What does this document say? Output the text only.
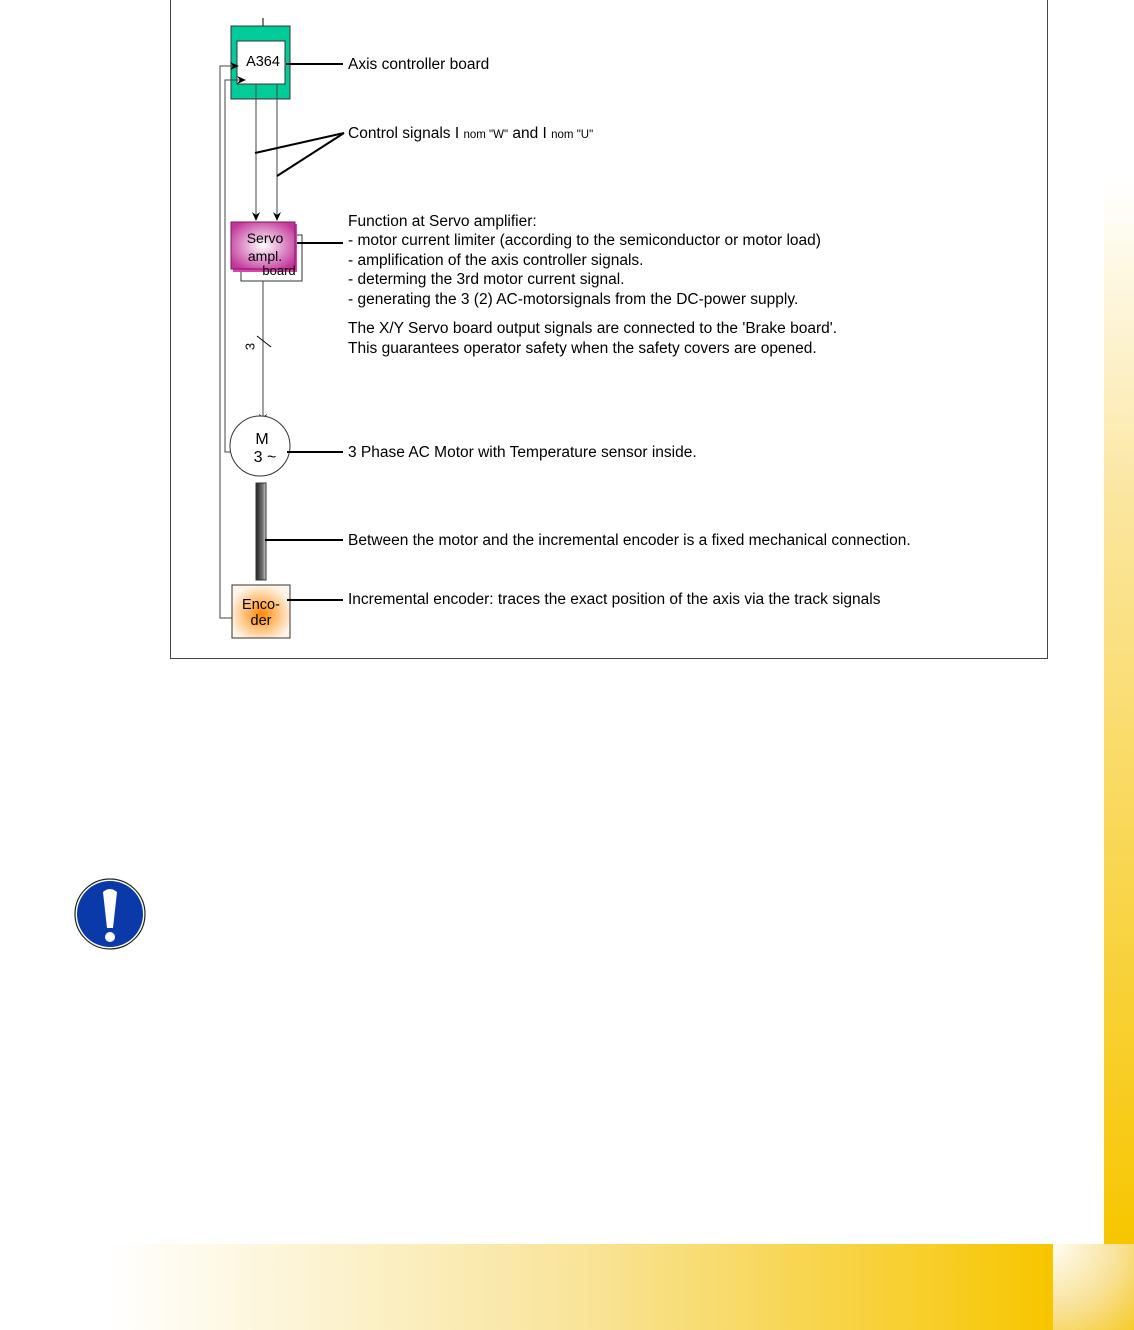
A364
board
Servo
ampl.
3
M
3 ~
Enco-
der
Axis controller board
Control signals I nom "W" and I nom "U"
Function at Servo amplifier:
- motor current limiter (according to the semiconductor or motor load)
- amplification of the axis controller signals.
- determing the 3rd motor current signal.
- generating the 3 (2) AC-motorsignals from the DC-power supply.
The X/Y Servo board output signals are connected to the 'Brake board'.
This guarantees operator safety when the safety covers are opened.
3 Phase AC Motor with Temperature sensor inside.
Between the motor and the incremental encoder is a fixed mechanical connection.
Incremental encoder: traces the exact position of the axis via the track signals
